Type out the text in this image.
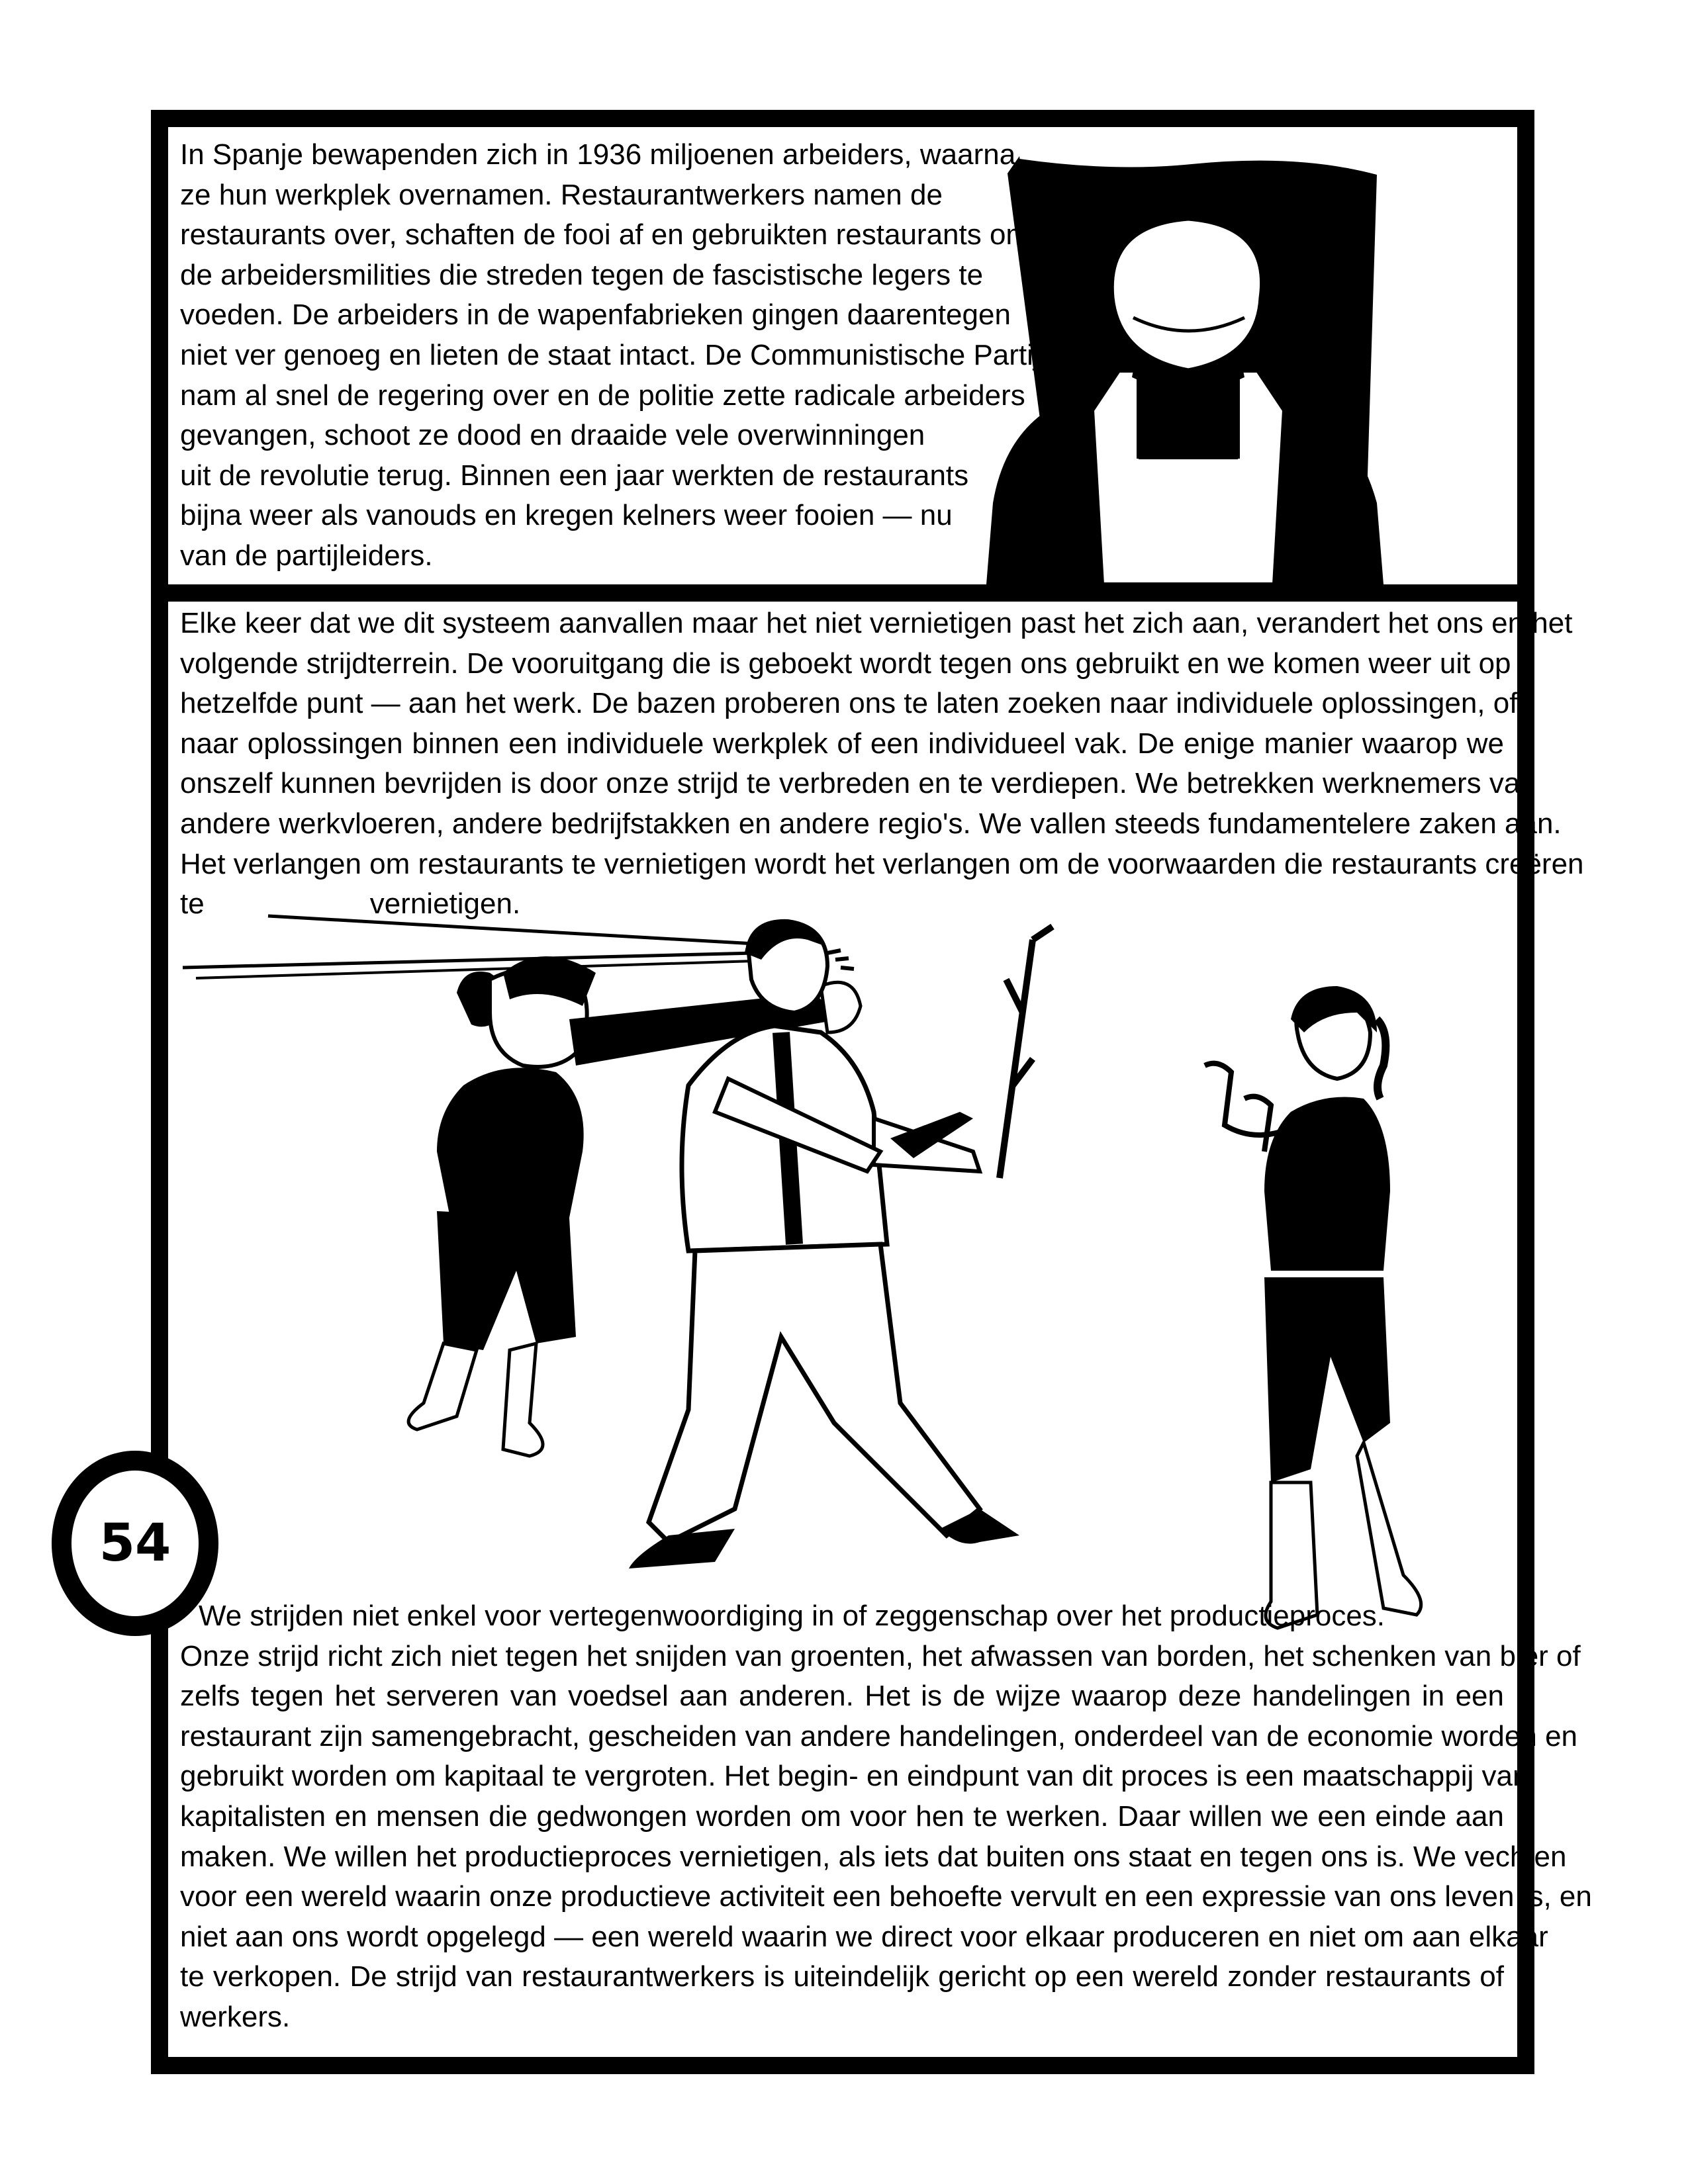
In Spanje bewapenden zich in 1936 miljoenen arbeiders, waarna
ze hun werkplek overnamen. Restaurantwerkers namen de
restaurants over, schaften de fooi af en gebruikten restaurants om
de arbeidersmilities die streden tegen de fascistische legers te
voeden. De arbeiders in de wapenfabrieken gingen daarentegen
niet ver genoeg en lieten de staat intact. De Communistische Partij
nam al snel de regering over en de politie zette radicale arbeiders
gevangen, schoot ze dood en draaide vele overwinningen
uit de revolutie terug. Binnen een jaar werkten de restaurants
bijna weer als vanouds en kregen kelners weer fooien — nu
van de partijleiders.
Elke keer dat we dit systeem aanvallen maar het niet vernietigen past het zich aan, verandert het ons en het
volgende strijdterrein. De vooruitgang die is geboekt wordt tegen ons gebruikt en we komen weer uit op
hetzelfde punt — aan het werk. De bazen proberen ons te laten zoeken naar individuele oplossingen, of
naar oplossingen binnen een individuele werkplek of een individueel vak. De enige manier waarop we
onszelf kunnen bevrijden is door onze strijd te verbreden en te verdiepen. We betrekken werknemers van
andere werkvloeren, andere bedrijfstakken en andere regio's. We vallen steeds fundamentelere zaken aan.
Het verlangen om restaurants te vernietigen wordt het verlangen om de voorwaarden die restaurants creëren
te	vernietigen.
We strijden niet enkel voor vertegenwoordiging in of zeggenschap over het productieproces.
Onze strijd richt zich niet tegen het snijden van groenten, het afwassen van borden, het schenken van bier of
zelfs tegen het serveren van voedsel aan anderen. Het is de wijze waarop deze handelingen in een
restaurant zijn samengebracht, gescheiden van andere handelingen, onderdeel van de economie worden en
gebruikt worden om kapitaal te vergroten. Het begin- en eindpunt van dit proces is een maatschappij van
kapitalisten en mensen die gedwongen worden om voor hen te werken. Daar willen we een einde aan
maken. We willen het productieproces vernietigen, als iets dat buiten ons staat en tegen ons is. We vechten
voor een wereld waarin onze productieve activiteit een behoefte vervult en een expressie van ons leven is, en
niet aan ons wordt opgelegd — een wereld waarin we direct voor elkaar produceren en niet om aan elkaar
te verkopen. De strijd van restaurantwerkers is uiteindelijk gericht op een wereld zonder restaurants of
werkers.
54
